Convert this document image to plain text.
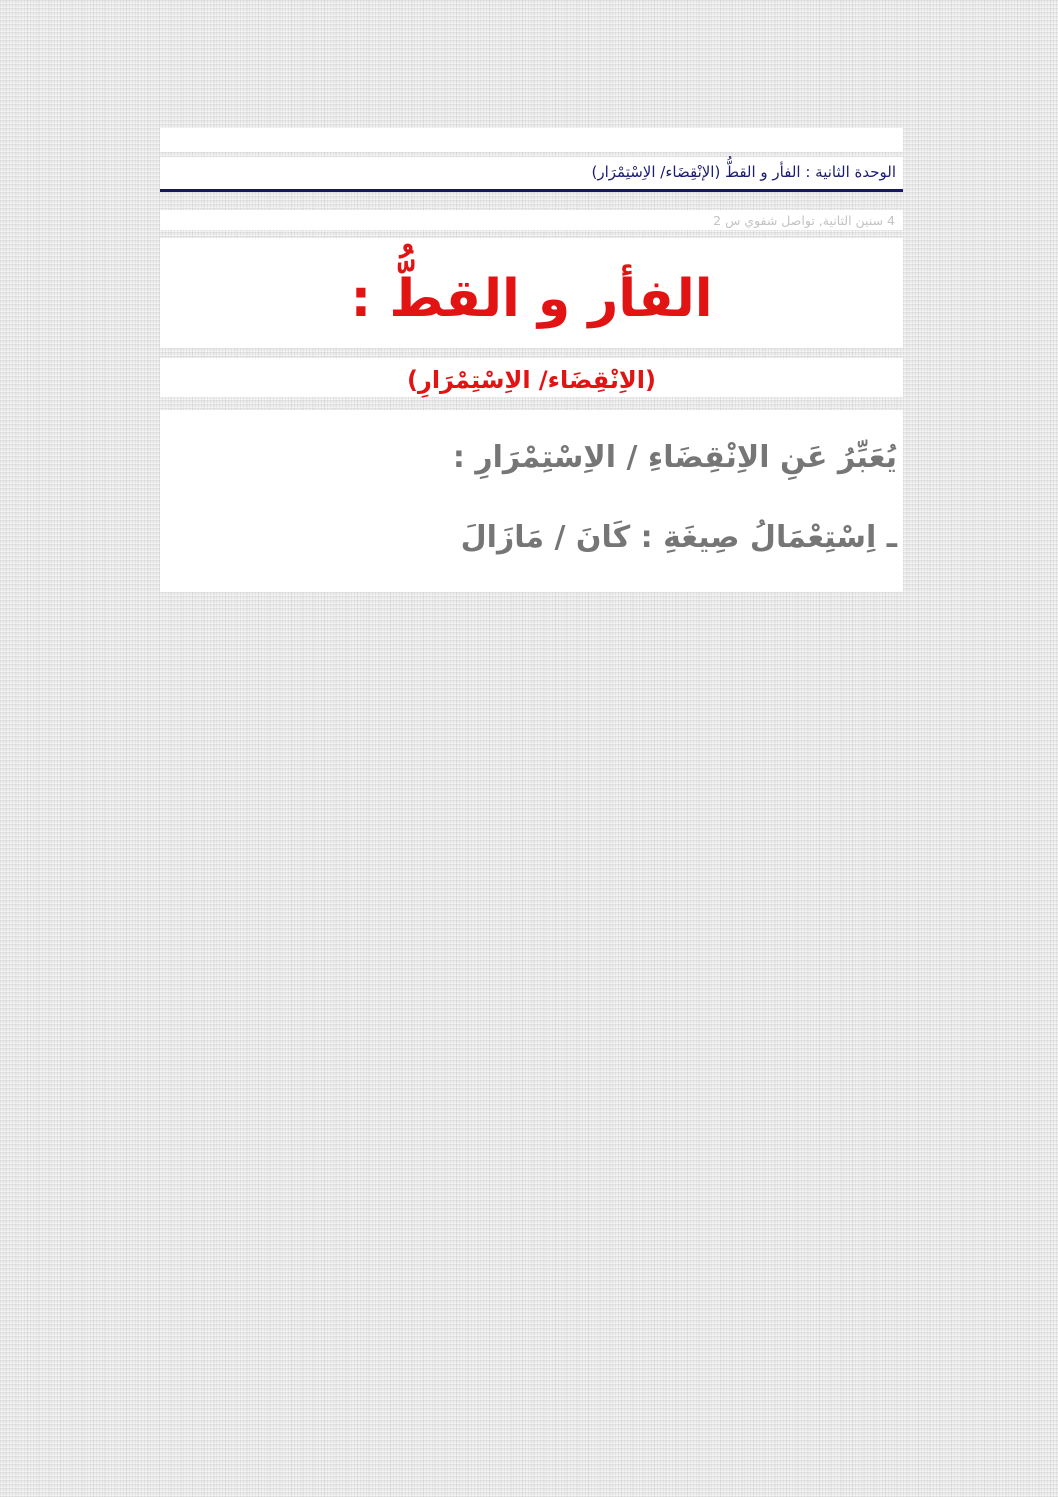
الوحدة الثانية : الفأر و القطُّ (الإنْقِضَاء/ الاِسْتِمْرَار)
4 سنين الثانية, تواصل شفوي س 2
الفأر و القطُّ :
(الاِنْقِضَاء/ الاِسْتِمْرَارِ)
يُعَبِّرُ عَنِ الاِنْقِضَاءِ / الاِسْتِمْرَارِ :
ـ اِسْتِعْمَالُ صِيغَةِ : كَانَ / مَازَالَ
